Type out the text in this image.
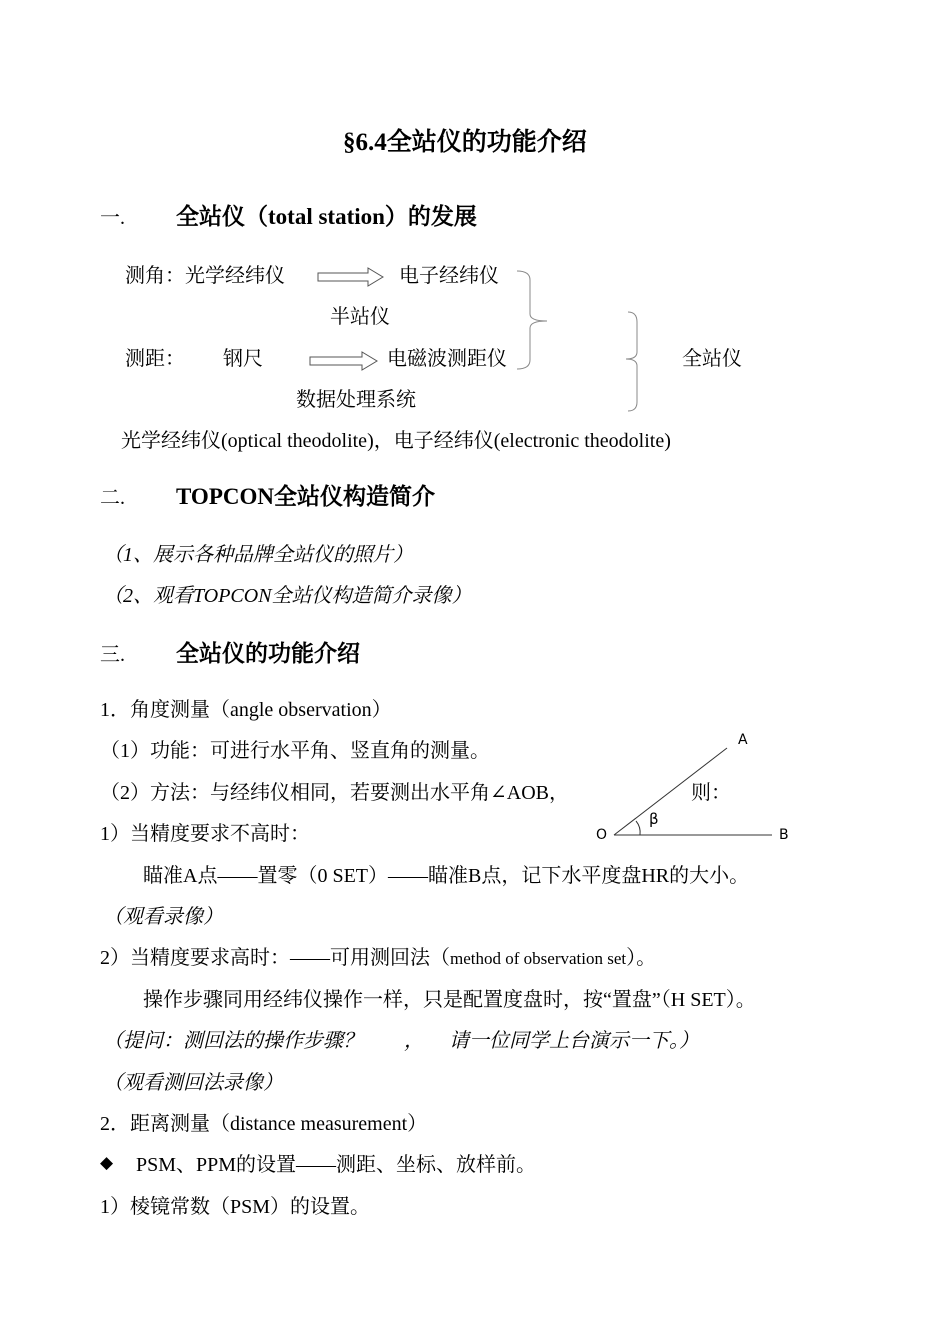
§6.4全站仪的功能介绍
一. 全站仪（total station）的发展
测角：光学经纬仪	电子经纬仪
半站仪
测距： 钢尺	电磁波测距仪
数据处理系统
全站仪
A
B
O
β
光学经纬仪(optical theodolite)，电子经纬仪(electronic theodolite)
二. TOPCON全站仪构造简介
（1、展示各种品牌全站仪的照片）
（2、观看TOPCON全站仪构造简介录像）
三. 全站仪的功能介绍
1．角度测量（angle observation）
（1）功能：可进行水平角、竖直角的测量。
（2）方法：与经纬仪相同，若要测出水平角∠AOB，	则：
1）当精度要求不高时：
瞄准A点——置零（0 SET）——瞄准B点，记下水平度盘HR的大小。
（观看录像）
2）当精度要求高时：——可用测回法（method of observation set）。
操作步骤同用经纬仪操作一样，只是配置度盘时，按“置盘”（H SET）。
（提问：测回法的操作步骤？ ， 请一位同学上台演示一下。）
（观看测回法录像）
2．距离测量（distance measurement）
◆ PSM、PPM的设置——测距、坐标、放样前。
1）棱镜常数（PSM）的设置。
